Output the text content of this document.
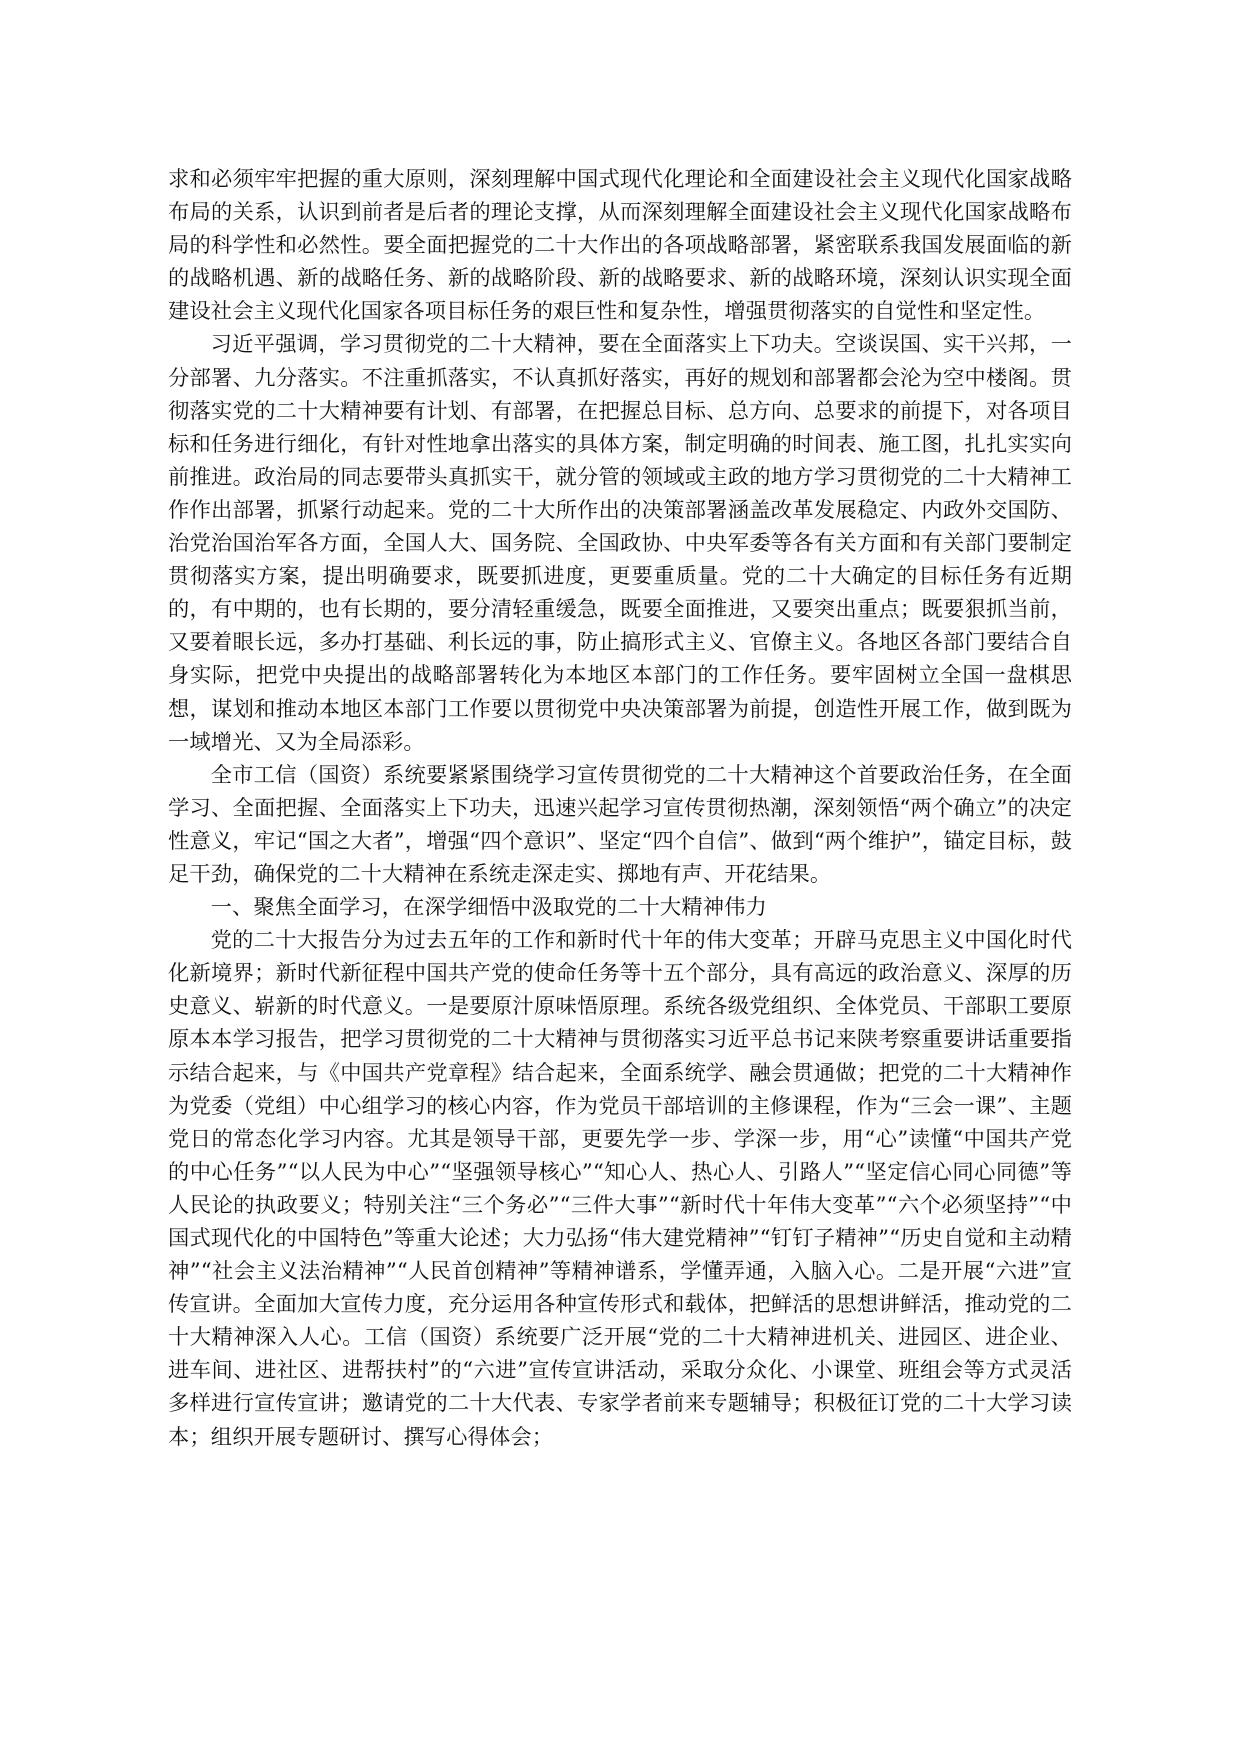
求和必须牢牢把握的重大原则，深刻理解中国式现代化理论和全面建设社会主义现代化国家战略布局的关系，认识到前者是后者的理论支撑，从而深刻理解全面建设社会主义现代化国家战略布局的科学性和必然性。要全面把握党的二十大作出的各项战略部署，紧密联系我国发展面临的新的战略机遇、新的战略任务、新的战略阶段、新的战略要求、新的战略环境，深刻认识实现全面建设社会主义现代化国家各项目标任务的艰巨性和复杂性，增强贯彻落实的自觉性和坚定性。

习近平强调，学习贯彻党的二十大精神，要在全面落实上下功夫。空谈误国、实干兴邦，一分部署、九分落实。不注重抓落实，不认真抓好落实，再好的规划和部署都会沦为空中楼阁。贯彻落实党的二十大精神要有计划、有部署，在把握总目标、总方向、总要求的前提下，对各项目标和任务进行细化，有针对性地拿出落实的具体方案，制定明确的时间表、施工图，扎扎实实向前推进。政治局的同志要带头真抓实干，就分管的领域或主政的地方学习贯彻党的二十大精神工作作出部署，抓紧行动起来。党的二十大所作出的决策部署涵盖改革发展稳定、内政外交国防、治党治国治军各方面，全国人大、国务院、全国政协、中央军委等各有关方面和有关部门要制定贯彻落实方案，提出明确要求，既要抓进度，更要重质量。党的二十大确定的目标任务有近期的，有中期的，也有长期的，要分清轻重缓急，既要全面推进，又要突出重点；既要狠抓当前，又要着眼长远，多办打基础、利长远的事，防止搞形式主义、官僚主义。各地区各部门要结合自身实际，把党中央提出的战略部署转化为本地区本部门的工作任务。要牢固树立全国一盘棋思想，谋划和推动本地区本部门工作要以贯彻党中央决策部署为前提，创造性开展工作，做到既为一域增光、又为全局添彩。

全市工信（国资）系统要紧紧围绕学习宣传贯彻党的二十大精神这个首要政治任务，在全面学习、全面把握、全面落实上下功夫，迅速兴起学习宣传贯彻热潮，深刻领悟“两个确立”的决定性意义，牢记“国之大者”，增强“四个意识”、坚定“四个自信”、做到“两个维护”，锚定目标，鼓足干劲，确保党的二十大精神在系统走深走实、掷地有声、开花结果。

一、聚焦全面学习，在深学细悟中汲取党的二十大精神伟力

党的二十大报告分为过去五年的工作和新时代十年的伟大变革；开辟马克思主义中国化时代化新境界；新时代新征程中国共产党的使命任务等十五个部分，具有高远的政治意义、深厚的历史意义、崭新的时代意义。一是要原汁原味悟原理。系统各级党组织、全体党员、干部职工要原原本本学习报告，把学习贯彻党的二十大精神与贯彻落实习近平总书记来陕考察重要讲话重要指示结合起来，与《中国共产党章程》结合起来，全面系统学、融会贯通做；把党的二十大精神作为党委（党组）中心组学习的核心内容，作为党员干部培训的主修课程，作为“三会一课”、主题党日的常态化学习内容。尤其是领导干部，更要先学一步、学深一步，用“心”读懂“中国共产党的中心任务”“以人民为中心”“坚强领导核心”“知心人、热心人、引路人”“坚定信心同心同德”等人民论的执政要义；特别关注“三个务必”“三件大事”“新时代十年伟大变革”“六个必须坚持”“中国式现代化的中国特色”等重大论述；大力弘扬“伟大建党精神”“钉钉子精神”“历史自觉和主动精神”“社会主义法治精神”“人民首创精神”等精神谱系，学懂弄通，入脑入心。二是开展“六进”宣传宣讲。全面加大宣传力度，充分运用各种宣传形式和载体，把鲜活的思想讲鲜活，推动党的二十大精神深入人心。工信（国资）系统要广泛开展“党的二十大精神进机关、进园区、进企业、进车间、进社区、进帮扶村”的“六进”宣传宣讲活动，采取分众化、小课堂、班组会等方式灵活多样进行宣传宣讲；邀请党的二十大代表、专家学者前来专题辅导；积极征订党的二十大学习读本；组织开展专题研讨、撰写心得体会；
